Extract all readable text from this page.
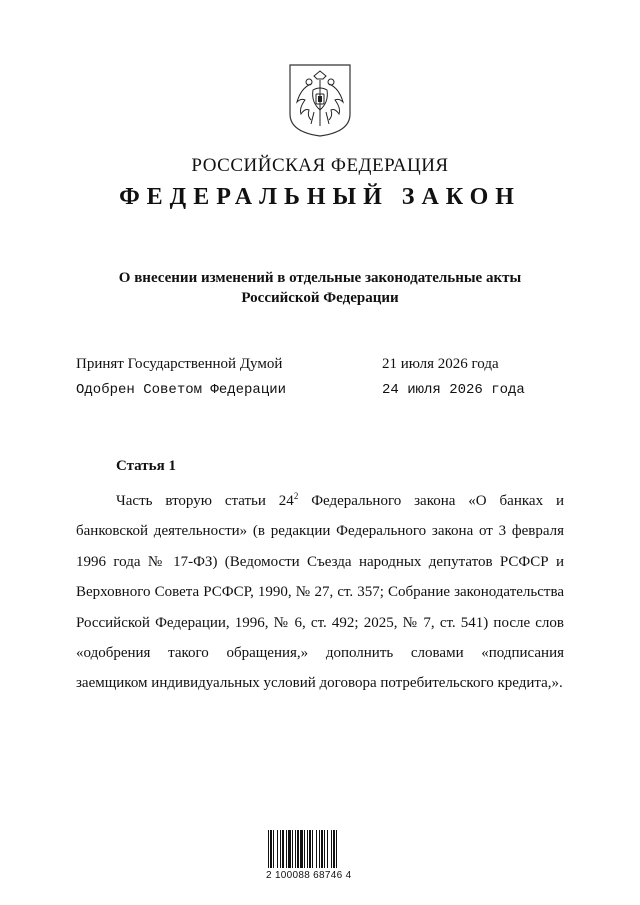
РОССИЙСКАЯ ФЕДЕРАЦИЯ
ФЕДЕРАЛЬНЫЙ ЗАКОН
О внесении изменений в отдельные законодательные акты
Российской Федерации
Принят Государственной Думой	21 июля 2026 года
Одобрен Советом Федерации	24 июля 2026 года
Статья 1
Часть вторую статьи $24^2$ Федерального закона «О банках и банковской деятельности» (в редакции Федерального закона от 3 февраля 1996 года № 17-ФЗ) (Ведомости Съезда народных депутатов РСФСР и Верховного Совета РСФСР, 1990, № 27, ст. 357; Собрание законодательства Российской Федерации, 1996, № 6, ст. 492; 2025, № 7, ст. 541) после слов «одобрения такого обращения,» дополнить словами «подписания заемщиком индивидуальных условий договора потребительского кредита,».
2 100088 68746 4
